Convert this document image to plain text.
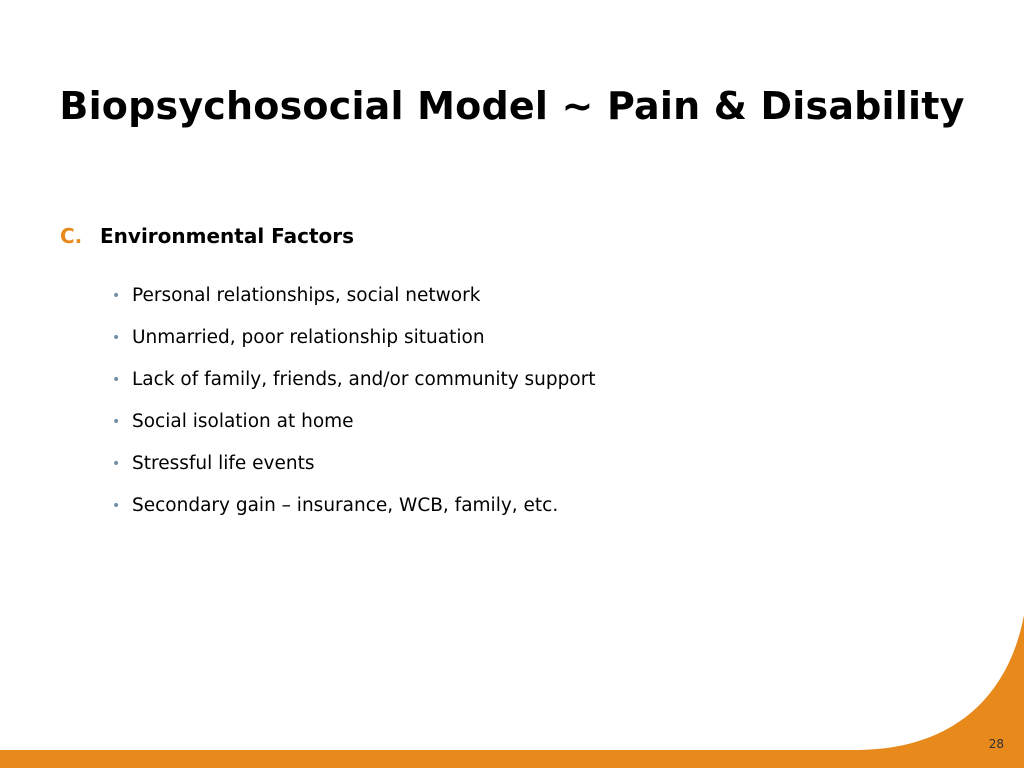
Biopsychosocial Model ~ Pain & Disability
C. Environmental Factors
• Personal relationships, social network
• Unmarried, poor relationship situation
• Lack of family, friends, and/or community support
• Social isolation at home
• Stressful life events
• Secondary gain – insurance, WCB, family, etc.
28
